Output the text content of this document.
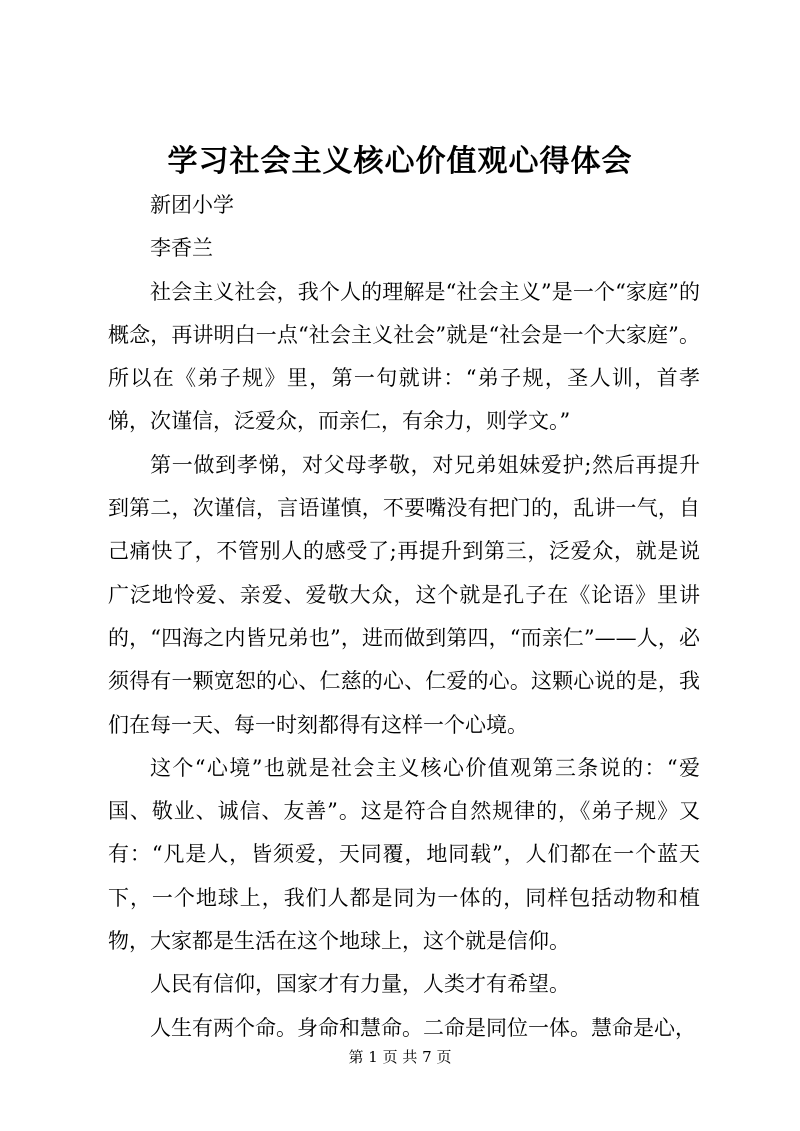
学习社会主义核心价值观心得体会

新团小学

李香兰

社会主义社会，我个人的理解是“社会主义”是一个“家庭”的概念，再讲明白一点“社会主义社会”就是“社会是一个大家庭”。所以在《弟子规》里，第一句就讲：“弟子规，圣人训，首孝悌，次谨信，泛爱众，而亲仁，有余力，则学文。”

第一做到孝悌，对父母孝敬，对兄弟姐妹爱护;然后再提升到第二，次谨信，言语谨慎，不要嘴没有把门的，乱讲一气，自己痛快了，不管别人的感受了;再提升到第三，泛爱众，就是说广泛地怜爱、亲爱、爱敬大众，这个就是孔子在《论语》里讲的，“四海之内皆兄弟也”，进而做到第四，“而亲仁”——人，必须得有一颗宽恕的心、仁慈的心、仁爱的心。这颗心说的是，我们在每一天、每一时刻都得有这样一个心境。

这个“心境”也就是社会主义核心价值观第三条说的：“爱国、敬业、诚信、友善”。这是符合自然规律的，《弟子规》又有：“凡是人，皆须爱，天同覆，地同载”，人们都在一个蓝天下，一个地球上，我们人都是同为一体的，同样包括动物和植物，大家都是生活在这个地球上，这个就是信仰。

人民有信仰，国家才有力量，人类才有希望。

人生有两个命。身命和慧命。二命是同位一体。慧命是心，

第 1 页 共 7 页
